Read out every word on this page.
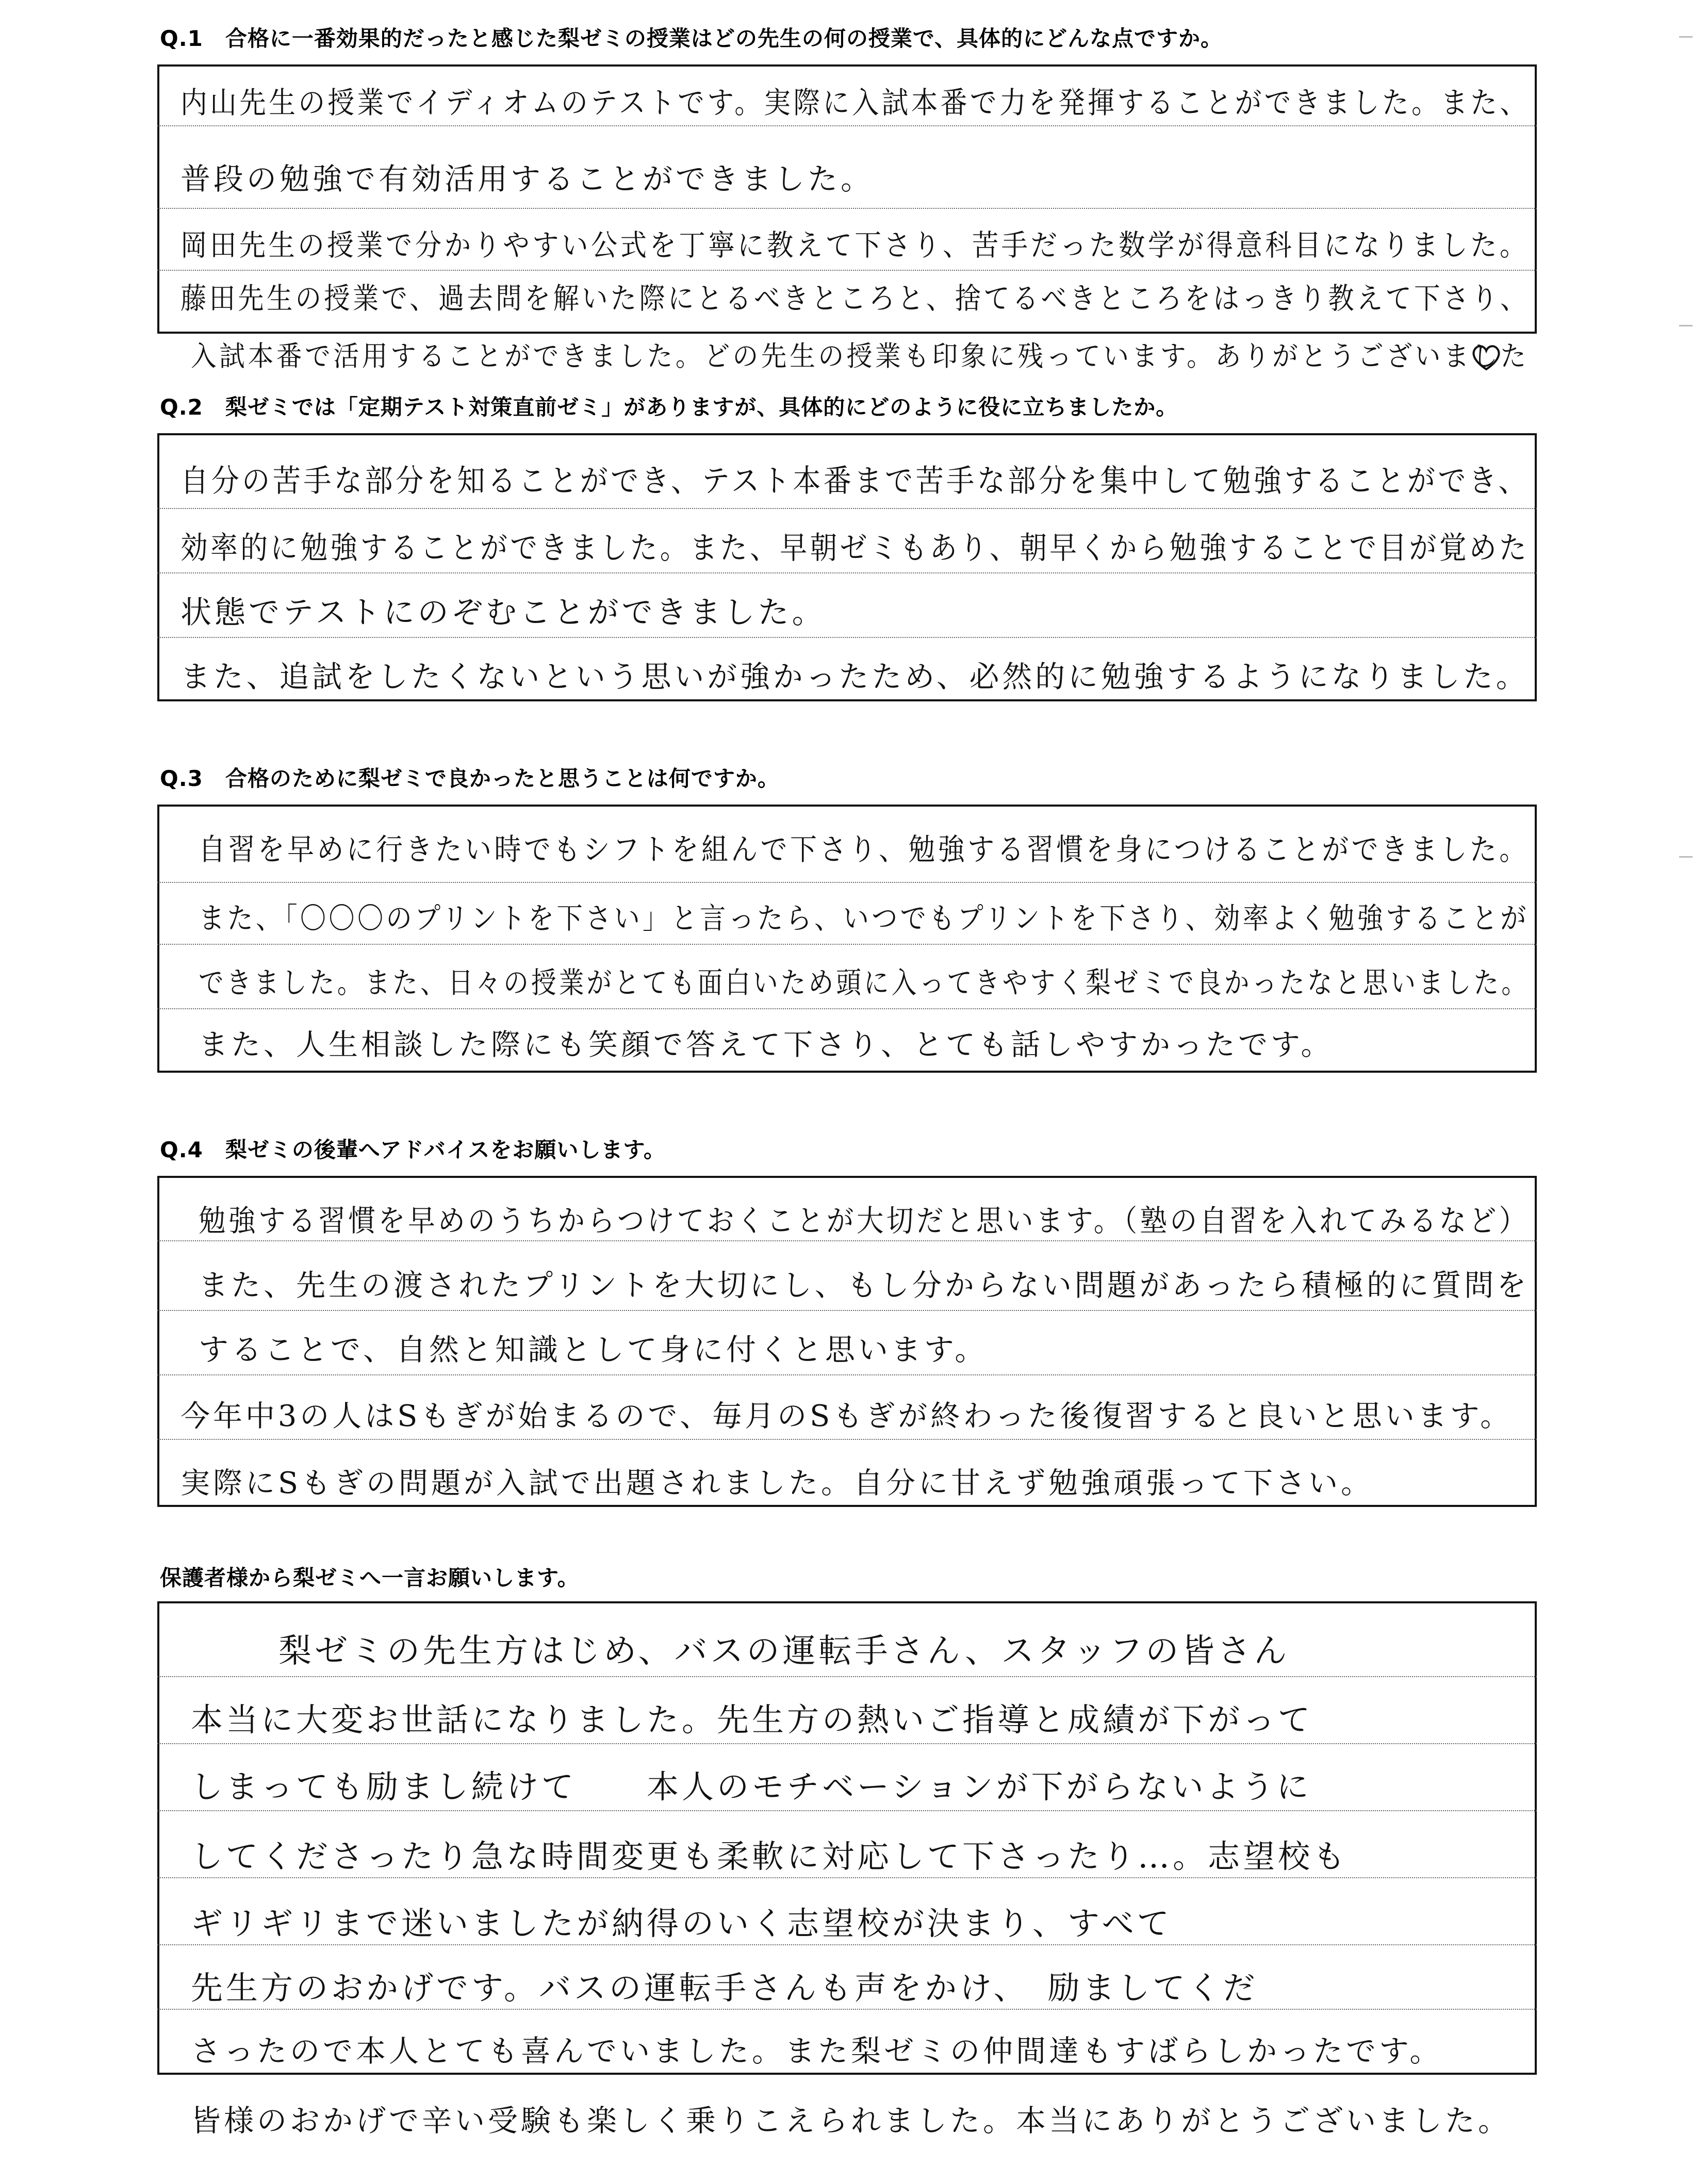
Q.1　合格に一番効果的だったと感じた梨ゼミの授業はどの先生の何の授業で、具体的にどんな点ですか。

内山先生の授業でイディオムのテストです。実際に入試本番で力を発揮することができました。また、

普段の勉強で有効活用することができました。

岡田先生の授業で分かりやすい公式を丁寧に教えて下さり、苦手だった数学が得意科目になりました。

藤田先生の授業で、過去問を解いた際にとるべきところと、捨てるべきところをはっきり教えて下さり、

入試本番で活用することができました。どの先生の授業も印象に残っています。ありがとうございました

Q.2　梨ゼミでは「定期テスト対策直前ゼミ」がありますが、具体的にどのように役に立ちましたか。

自分の苦手な部分を知ることができ、テスト本番まで苦手な部分を集中して勉強することができ、

効率的に勉強することができました。また、早朝ゼミもあり、朝早くから勉強することで目が覚めた

状態でテストにのぞむことができました。

また、追試をしたくないという思いが強かったため、必然的に勉強するようになりました。

Q.3　合格のために梨ゼミで良かったと思うことは何ですか。

自習を早めに行きたい時でもシフトを組んで下さり、勉強する習慣を身につけることができました。

また、「〇〇〇のプリントを下さい」と言ったら、いつでもプリントを下さり、効率よく勉強することが

できました。また、日々の授業がとても面白いため頭に入ってきやすく梨ゼミで良かったなと思いました。

また、人生相談した際にも笑顔で答えて下さり、とても話しやすかったです。

Q.4　梨ゼミの後輩へアドバイスをお願いします。

勉強する習慣を早めのうちからつけておくことが大切だと思います。（塾の自習を入れてみるなど）

また、先生の渡されたプリントを大切にし、もし分からない問題があったら積極的に質問を

することで、自然と知識として身に付くと思います。

今年中3の人はSもぎが始まるので、毎月のSもぎが終わった後復習すると良いと思います。

実際にSもぎの問題が入試で出題されました。自分に甘えず勉強頑張って下さい。

保護者様から梨ゼミへ一言お願いします。

梨ゼミの先生方はじめ、バスの運転手さん、スタッフの皆さん

本当に大変お世話になりました。先生方の熱いご指導と成績が下がって

しまっても励まし続けて　　本人のモチベーションが下がらないように

してくださったり急な時間変更も柔軟に対応して下さったり…。志望校も

ギリギリまで迷いましたが納得のいく志望校が決まり、すべて

先生方のおかげです。バスの運転手さんも声をかけ、　励ましてくだ

さったので本人とても喜んでいました。また梨ゼミの仲間達もすばらしかったです。

皆様のおかげで辛い受験も楽しく乗りこえられました。本当にありがとうございました。
